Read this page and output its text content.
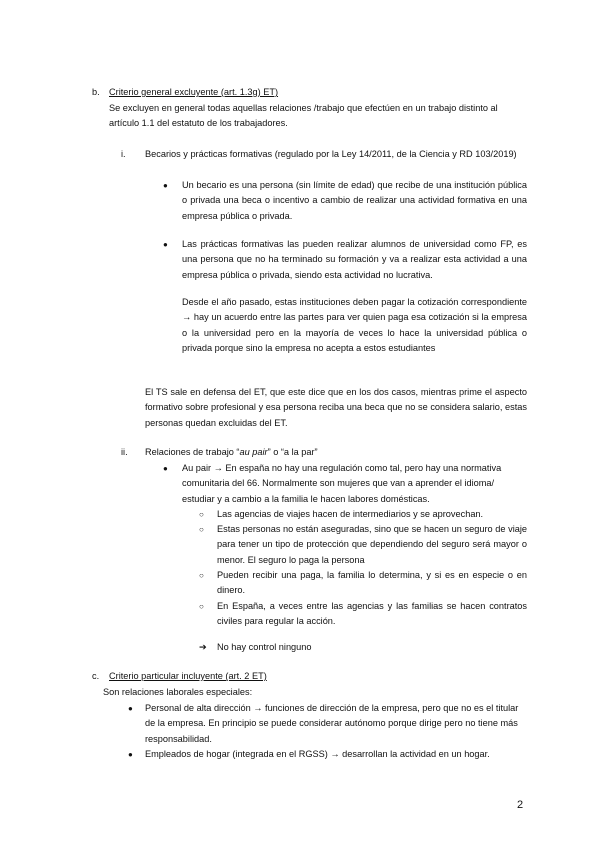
b. Criterio general excluyente (art. 1.3g) ET)
Se excluyen en general todas aquellas relaciones /trabajo que efectúen en un trabajo distinto al artículo 1.1 del estatuto de los trabajadores.
i. Becarios y prácticas formativas (regulado por la Ley 14/2011, de la Ciencia y RD 103/2019)
● Un becario es una persona (sin límite de edad) que recibe de una institución pública o privada una beca o incentivo a cambio de realizar una actividad formativa en una empresa pública o privada.
● Las prácticas formativas las pueden realizar alumnos de universidad como FP, es una persona que no ha terminado su formación y va a realizar esta actividad a una empresa pública o privada, siendo esta actividad no lucrativa.
Desde el año pasado, estas instituciones deben pagar la cotización correspondiente → hay un acuerdo entre las partes para ver quien paga esa cotización si la empresa o la universidad pero en la mayoría de veces lo hace la universidad pública o privada porque sino la empresa no acepta a estos estudiantes
El TS sale en defensa del ET, que este dice que en los dos casos, mientras prime el aspecto formativo sobre profesional y esa persona reciba una beca que no se considera salario, estas personas quedan excluidas del ET.
ii. Relaciones de trabajo “au pair” o “a la par”
● Au pair → En españa no hay una regulación como tal, pero hay una normativa comunitaria del 66. Normalmente son mujeres que van a aprender el idioma/ estudiar y a cambio a la familia le hacen labores domésticas.
○ Las agencias de viajes hacen de intermediarios y se aprovechan.
○ Estas personas no están aseguradas, sino que se hacen un seguro de viaje para tener un tipo de protección que dependiendo del seguro será mayor o menor. El seguro lo paga la persona
○ Pueden recibir una paga, la familia lo determina, y si es en especie o en dinero.
○ En España, a veces entre las agencias y las familias se hacen contratos civiles para regular la acción.
➔ No hay control ninguno
c. Criterio particular incluyente (art. 2 ET)
Son relaciones laborales especiales:
● Personal de alta dirección → funciones de dirección de la empresa, pero que no es el titular de la empresa. En principio se puede considerar autónomo porque dirige pero no tiene más responsabilidad.
● Empleados de hogar (integrada en el RGSS) → desarrollan la actividad en un hogar.
2
